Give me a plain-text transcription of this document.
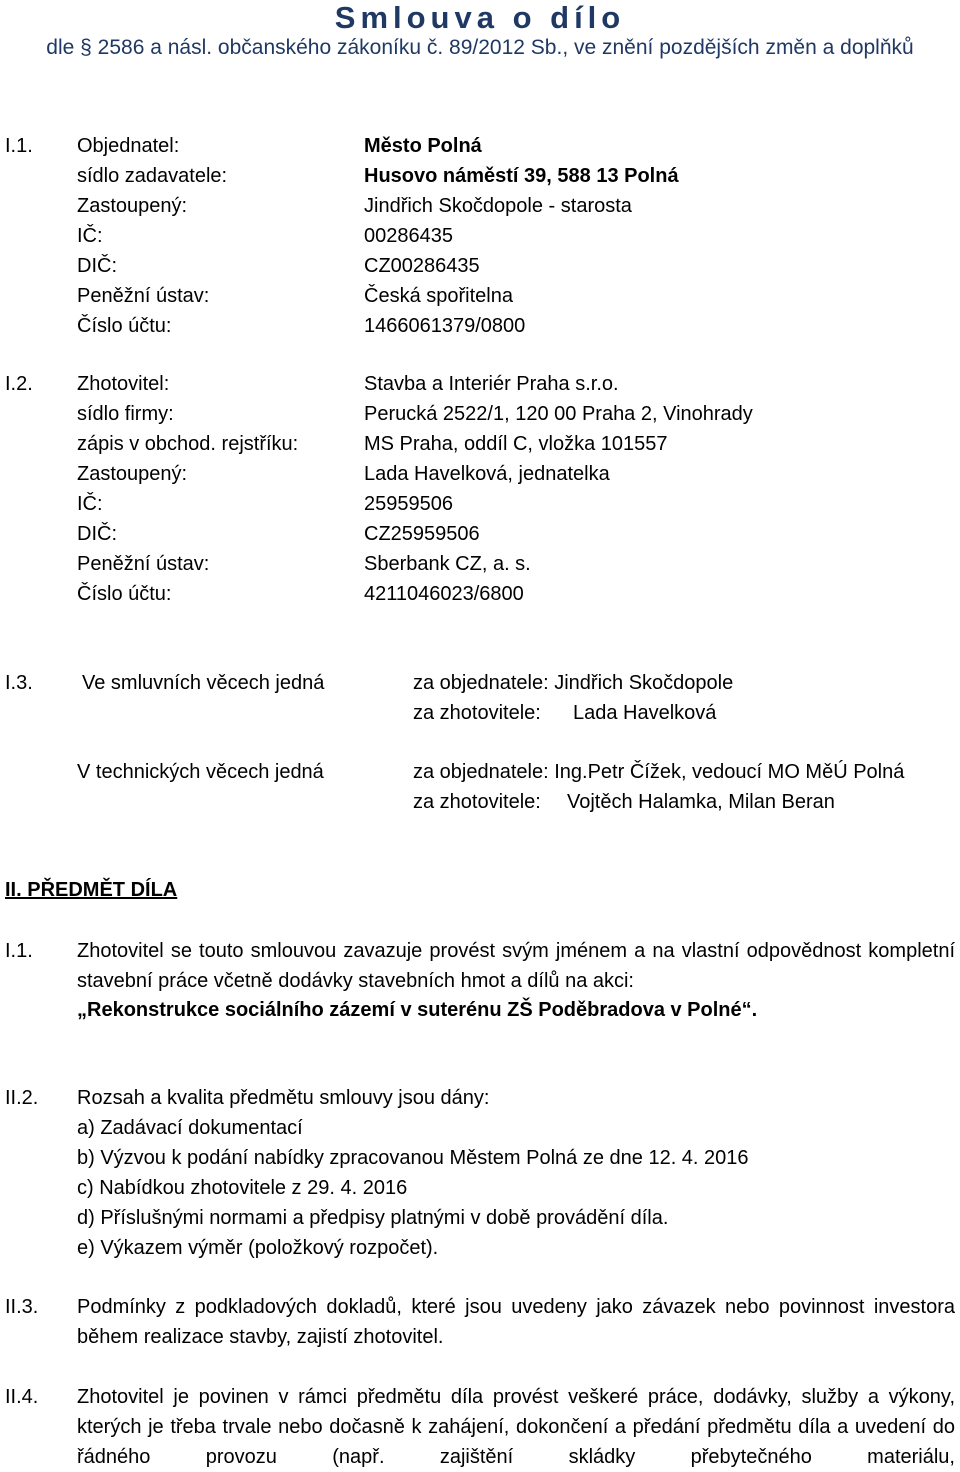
Smlouva o dílo
dle § 2586 a násl. občanského zákoníku č. 89/2012 Sb., ve znění pozdějších změn a doplňků
I.1. Objednatel:	Město Polná
sídlo zadavatele:	Husovo náměstí 39, 588 13 Polná
Zastoupený:	Jindřich Skočdopole - starosta
IČ:	00286435
DIČ:	CZ00286435
Peněžní ústav:	Česká spořitelna
Číslo účtu:	1466061379/0800
I.2. Zhotovitel:	Stavba a Interiér Praha s.r.o.
sídlo firmy:	Perucká 2522/1, 120 00 Praha 2, Vinohrady
zápis v obchod. rejstříku:	MS Praha, oddíl C, vložka 101557
Zastoupený:	Lada Havelková, jednatelka
IČ:	25959506
DIČ:	CZ25959506
Peněžní ústav:	Sberbank CZ, a. s.
Číslo účtu:	4211046023/6800
I.3. Ve smluvních věcech jedná	za objednatele: Jindřich Skočdopole
za zhotovitele: Lada Havelková
V technických věcech jedná	za objednatele: Ing.Petr Čížek, vedoucí MO MěÚ Polná
za zhotovitele: Vojtěch Halamka, Milan Beran
II. PŘEDMĚT DÍLA
I.1. Zhotovitel se touto smlouvou zavazuje provést svým jménem a na vlastní odpovědnost kompletní stavební práce včetně dodávky stavebních hmot a dílů na akci:
„Rekonstrukce sociálního zázemí v suterénu ZŠ Poděbradova v Polné“.
II.2. Rozsah a kvalita předmětu smlouvy jsou dány:
a) Zadávací dokumentací
b) Výzvou k podání nabídky zpracovanou Městem Polná ze dne 12. 4. 2016
c) Nabídkou zhotovitele z 29. 4. 2016
d) Příslušnými normami a předpisy platnými v době provádění díla.
e) Výkazem výměr (položkový rozpočet).
II.3. Podmínky z podkladových dokladů, které jsou uvedeny jako závazek nebo povinnost investora během realizace stavby, zajistí zhotovitel.
II.4. Zhotovitel je povinen v rámci předmětu díla provést veškeré práce, dodávky, služby a výkony, kterých je třeba trvale nebo dočasně k zahájení, dokončení a předání předmětu díla a uvedení do řádného provozu (např. zajištění skládky přebytečného materiálu,
